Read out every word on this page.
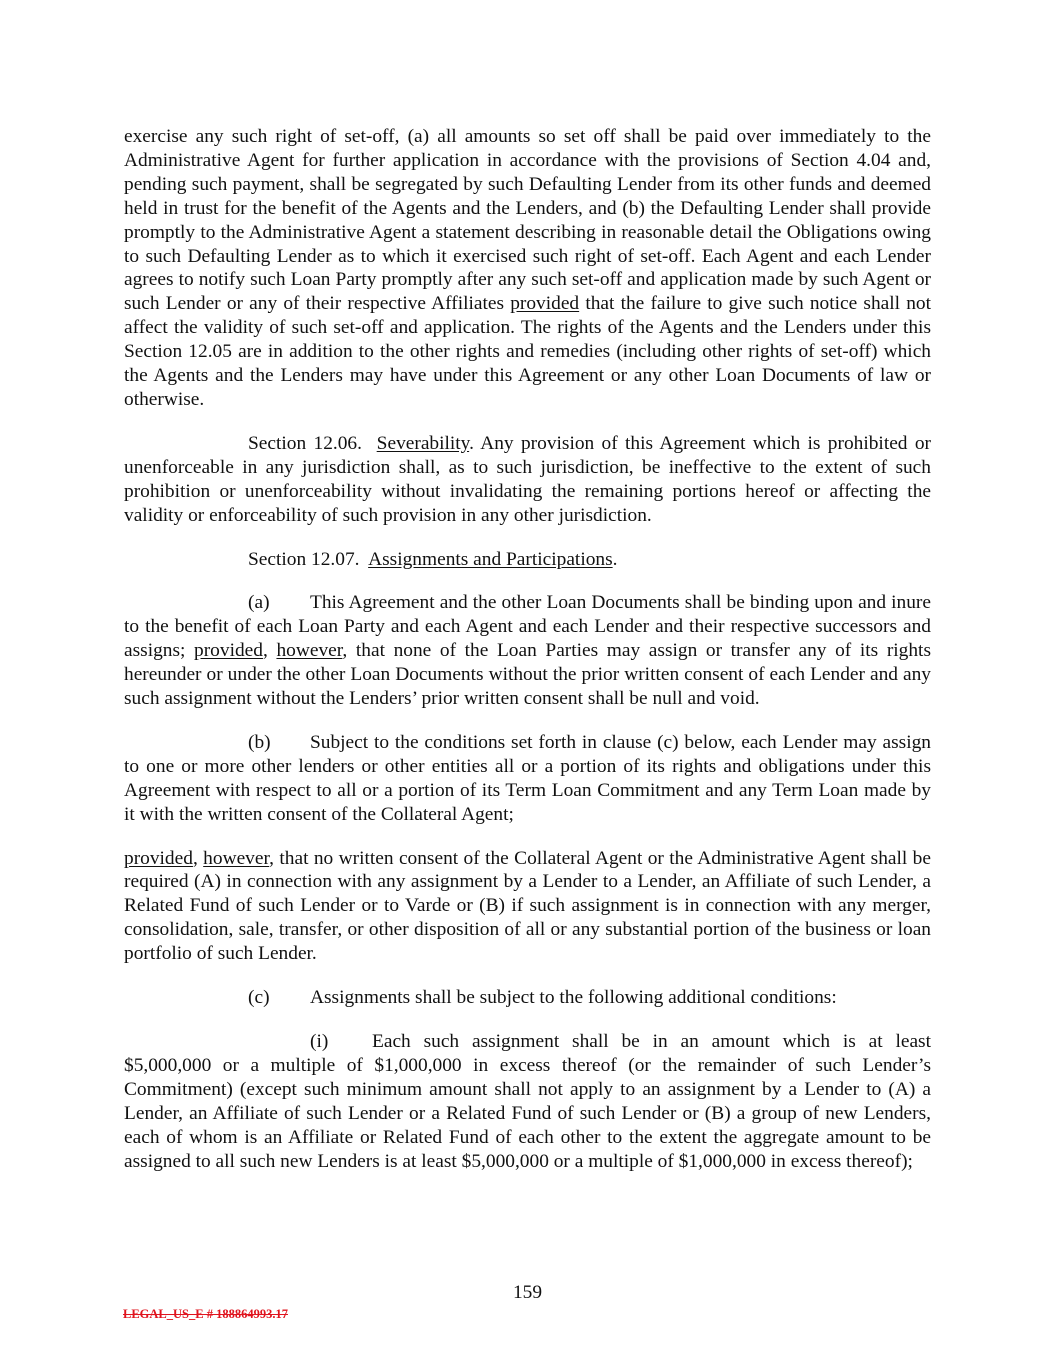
exercise any such right of set-off, (a) all amounts so set off shall be paid over immediately to the Administrative Agent for further application in accordance with the provisions of Section 4.04 and, pending such payment, shall be segregated by such Defaulting Lender from its other funds and deemed held in trust for the benefit of the Agents and the Lenders, and (b) the Defaulting Lender shall provide promptly to the Administrative Agent a statement describing in reasonable detail the Obligations owing to such Defaulting Lender as to which it exercised such right of set-off. Each Agent and each Lender agrees to notify such Loan Party promptly after any such set-off and application made by such Agent or such Lender or any of their respective Affiliates provided that the failure to give such notice shall not affect the validity of such set-off and application. The rights of the Agents and the Lenders under this Section 12.05 are in addition to the other rights and remedies (including other rights of set-off) which the Agents and the Lenders may have under this Agreement or any other Loan Documents of law or otherwise.

Section 12.06. Severability. Any provision of this Agreement which is prohibited or unenforceable in any jurisdiction shall, as to such jurisdiction, be ineffective to the extent of such prohibition or unenforceability without invalidating the remaining portions hereof or affecting the validity or enforceability of such provision in any other jurisdiction.

Section 12.07. Assignments and Participations.

(a) This Agreement and the other Loan Documents shall be binding upon and inure to the benefit of each Loan Party and each Agent and each Lender and their respective successors and assigns; provided, however, that none of the Loan Parties may assign or transfer any of its rights hereunder or under the other Loan Documents without the prior written consent of each Lender and any such assignment without the Lenders’ prior written consent shall be null and void.

(b) Subject to the conditions set forth in clause (c) below, each Lender may assign to one or more other lenders or other entities all or a portion of its rights and obligations under this Agreement with respect to all or a portion of its Term Loan Commitment and any Term Loan made by it with the written consent of the Collateral Agent;

provided, however, that no written consent of the Collateral Agent or the Administrative Agent shall be required (A) in connection with any assignment by a Lender to a Lender, an Affiliate of such Lender, a Related Fund of such Lender or to Varde or (B) if such assignment is in connection with any merger, consolidation, sale, transfer, or other disposition of all or any substantial portion of the business or loan portfolio of such Lender.

(c) Assignments shall be subject to the following additional conditions:

(i) Each such assignment shall be in an amount which is at least $5,000,000 or a multiple of $1,000,000 in excess thereof (or the remainder of such Lender’s Commitment) (except such minimum amount shall not apply to an assignment by a Lender to (A) a Lender, an Affiliate of such Lender or a Related Fund of such Lender or (B) a group of new Lenders, each of whom is an Affiliate or Related Fund of each other to the extent the aggregate amount to be assigned to all such new Lenders is at least $5,000,000 or a multiple of $1,000,000 in excess thereof);

159
LEGAL_US_E # 188864993.17
